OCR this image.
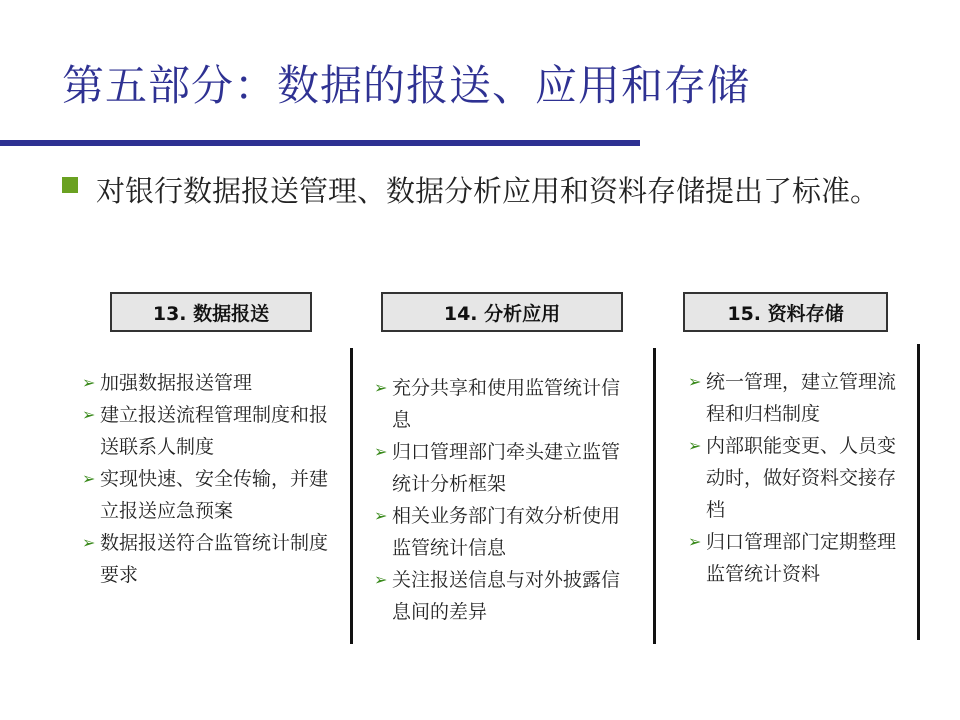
第五部分：数据的报送、应用和存储
对银行数据报送管理、数据分析应用和资料存储提出了标准。
13. 数据报送
➢ 加强数据报送管理
➢ 建立报送流程管理制度和报送联系人制度
➢ 实现快速、安全传输，并建立报送应急预案
➢ 数据报送符合监管统计制度要求
14. 分析应用
➢ 充分共享和使用监管统计信息
➢ 归口管理部门牵头建立监管统计分析框架
➢ 相关业务部门有效分析使用监管统计信息
➢ 关注报送信息与对外披露信息间的差异
15. 资料存储
➢ 统一管理，建立管理流程和归档制度
➢ 内部职能变更、人员变动时，做好资料交接存档
➢ 归口管理部门定期整理监管统计资料
